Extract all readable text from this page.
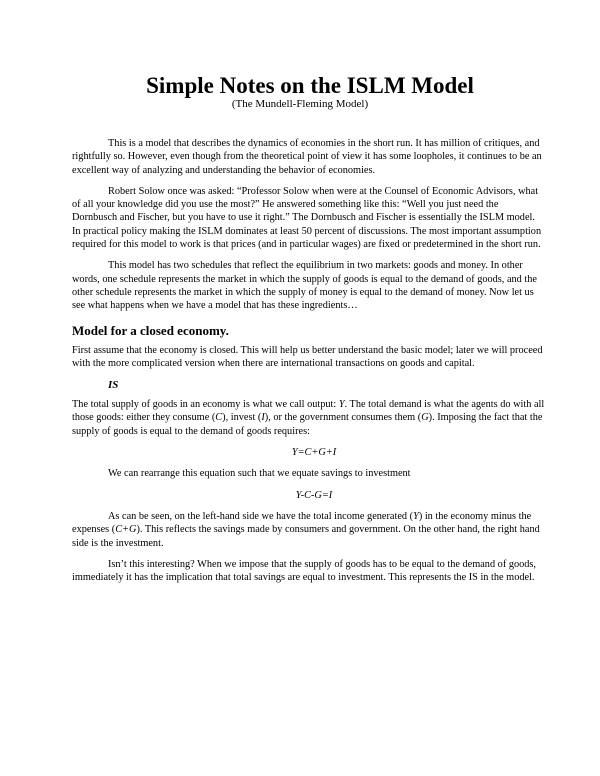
Simple Notes on the ISLM Model
(The Mundell-Fleming Model)

This is a model that describes the dynamics of economies in the short run. It has million of critiques, and rightfully so. However, even though from the theoretical point of view it has some loopholes, it continues to be an excellent way of analyzing and understanding the behavior of economies.

Robert Solow once was asked: “Professor Solow when were at the Counsel of Economic Advisors, what of all your knowledge did you use the most?” He answered something like this: “Well you just need the Dornbusch and Fischer, but you have to use it right.” The Dornbusch and Fischer is essentially the ISLM model. In practical policy making the ISLM dominates at least 50 percent of discussions. The most important assumption required for this model to work is that prices (and in particular wages) are fixed or predetermined in the short run.

This model has two schedules that reflect the equilibrium in two markets: goods and money. In other words, one schedule represents the market in which the supply of goods is equal to the demand of goods, and the other schedule represents the market in which the supply of money is equal to the demand of money. Now let us see what happens when we have a model that has these ingredients…

Model for a closed economy.

First assume that the economy is closed. This will help us better understand the basic model; later we will proceed with the more complicated version when there are international transactions on goods and capital.

IS

The total supply of goods in an economy is what we call output: Y. The total demand is what the agents do with all those goods: either they consume (C), invest (I), or the government consumes them (G). Imposing the fact that the supply of goods is equal to the demand of goods requires:

Y=C+G+I

We can rearrange this equation such that we equate savings to investment

Y-C-G=I

As can be seen, on the left-hand side we have the total income generated (Y) in the economy minus the expenses (C+G). This reflects the savings made by consumers and government. On the other hand, the right hand side is the investment.

Isn’t this interesting? When we impose that the supply of goods has to be equal to the demand of goods, immediately it has the implication that total savings are equal to investment. This represents the IS in the model.
